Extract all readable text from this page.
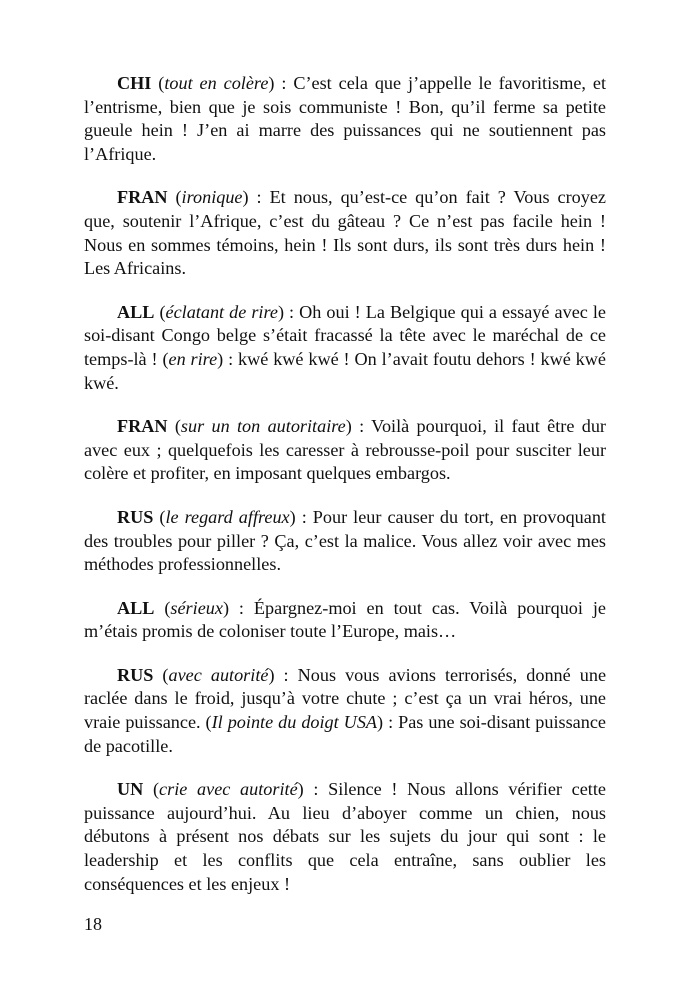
CHI (tout en colère) : C’est cela que j’appelle le favoritisme, et l’entrisme, bien que je sois communiste ! Bon, qu’il ferme sa petite gueule hein ! J’en ai marre des puissances qui ne soutiennent pas l’Afrique.

FRAN (ironique) : Et nous, qu’est-ce qu’on fait ? Vous croyez que, soutenir l’Afrique, c’est du gâteau ? Ce n’est pas facile hein ! Nous en sommes témoins, hein ! Ils sont durs, ils sont très durs hein ! Les Africains.

ALL (éclatant de rire) : Oh oui ! La Belgique qui a essayé avec le soi-disant Congo belge s’était fracassé la tête avec le maréchal de ce temps-là ! (en rire) : kwé kwé kwé ! On l’avait foutu dehors ! kwé kwé kwé.

FRAN (sur un ton autoritaire) : Voilà pourquoi, il faut être dur avec eux ; quelquefois les caresser à rebrousse-poil pour susciter leur colère et profiter, en imposant quelques embargos.

RUS (le regard affreux) : Pour leur causer du tort, en provoquant des troubles pour piller ? Ça, c’est la malice. Vous allez voir avec mes méthodes professionnelles.

ALL (sérieux) : Épargnez-moi en tout cas. Voilà pourquoi je m’étais promis de coloniser toute l’Europe, mais…

RUS (avec autorité) : Nous vous avions terrorisés, donné une raclée dans le froid, jusqu’à votre chute ; c’est ça un vrai héros, une vraie puissance. (Il pointe du doigt USA) : Pas une soi-disant puissance de pacotille.

UN (crie avec autorité) : Silence ! Nous allons vérifier cette puissance aujourd’hui. Au lieu d’aboyer comme un chien, nous débutons à présent nos débats sur les sujets du jour qui sont : le leadership et les conflits que cela entraîne, sans oublier les conséquences et les enjeux !

18
